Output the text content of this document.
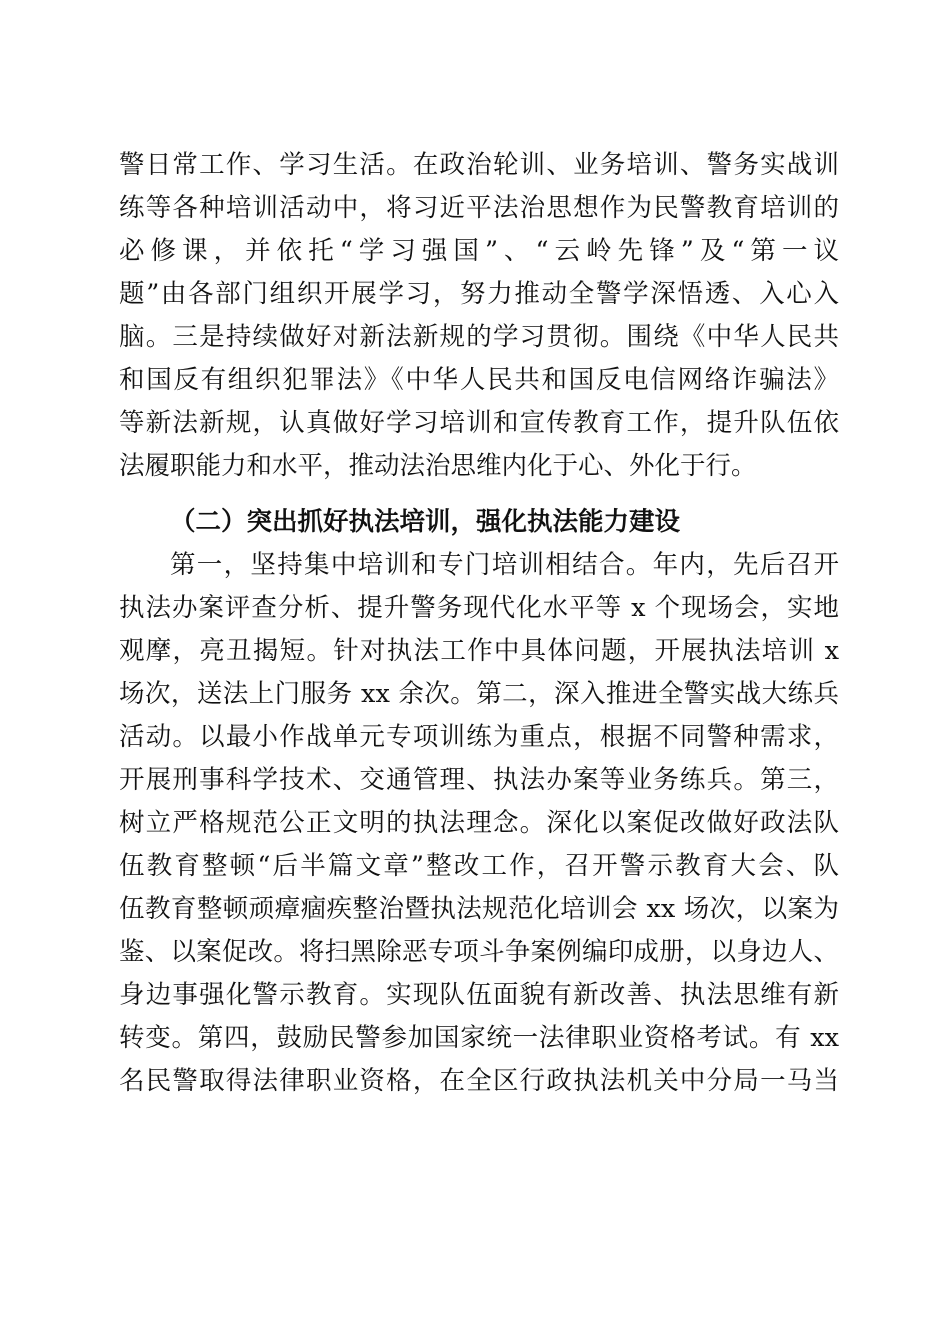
警日常工作、学习生活。在政治轮训、业务培训、警务实战训
练等各种培训活动中，将习近平法治思想作为民警教育培训的
必修课，并依托“学习强国”、“云岭先锋”及“第一议
题”由各部门组织开展学习，努力推动全警学深悟透、入心入
脑。三是持续做好对新法新规的学习贯彻。围绕《中华人民共
和国反有组织犯罪法》《中华人民共和国反电信网络诈骗法》
等新法新规，认真做好学习培训和宣传教育工作，提升队伍依
法履职能力和水平，推动法治思维内化于心、外化于行。
（二）突出抓好执法培训，强化执法能力建设
第一，坚持集中培训和专门培训相结合。年内，先后召开
执法办案评查分析、提升警务现代化水平等 x 个现场会，实地
观摩，亮丑揭短。针对执法工作中具体问题，开展执法培训 x
场次，送法上门服务 xx 余次。第二，深入推进全警实战大练兵
活动。以最小作战单元专项训练为重点，根据不同警种需求，
开展刑事科学技术、交通管理、执法办案等业务练兵。第三，
树立严格规范公正文明的执法理念。深化以案促改做好政法队
伍教育整顿“后半篇文章”整改工作，召开警示教育大会、队
伍教育整顿顽瘴痼疾整治暨执法规范化培训会 xx 场次，以案为
鉴、以案促改。将扫黑除恶专项斗争案例编印成册，以身边人、
身边事强化警示教育。实现队伍面貌有新改善、执法思维有新
转变。第四，鼓励民警参加国家统一法律职业资格考试。有 xx
名民警取得法律职业资格，在全区行政执法机关中分局一马当
